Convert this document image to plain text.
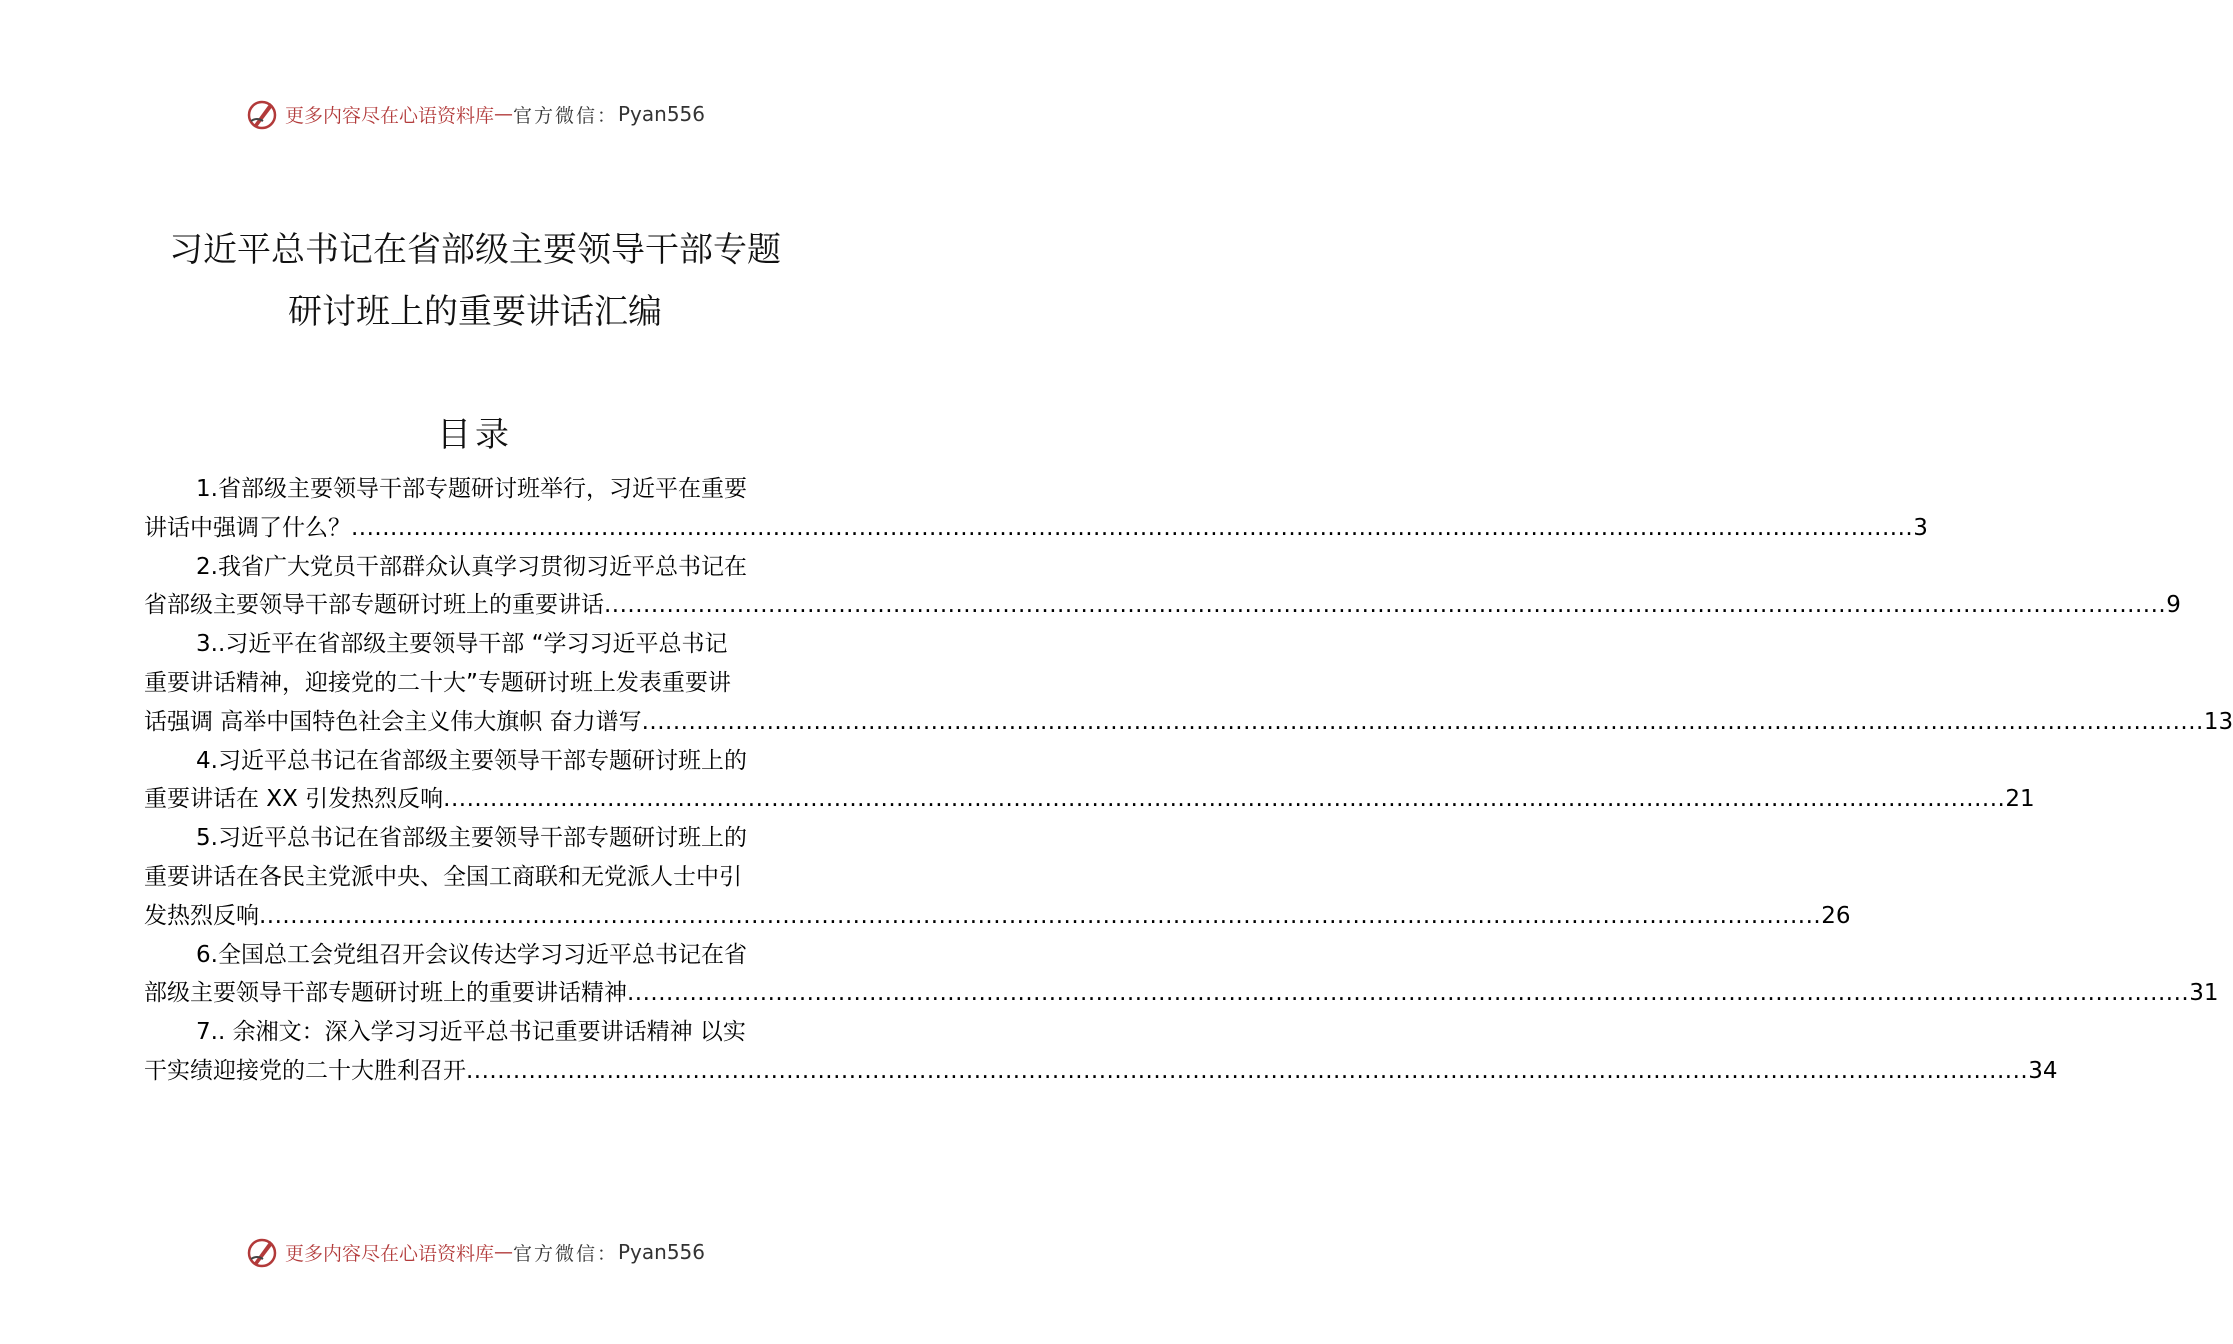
更多内容尽在心语资料库 — 官方微信： Pyan556
习近平总书记在省部级主要领导干部专题
研讨班上的重要讲话汇编
目录
1.省部级主要领导干部专题研讨班举行，习近平在重要
讲话中强调了什么？ ........................................................................................................................................................................................................ 3
2.我省广大党员干部群众认真学习贯彻习近平总书记在
省部级主要领导干部专题研讨班上的重要讲话 ........................................................................................................................................................................................................ 9
3..习近平在省部级主要领导干部 “学习习近平总书记
重要讲话精神，迎接党的二十大”专题研讨班上发表重要讲
话强调 高举中国特色社会主义伟大旗帜 奋力谱写 ........................................................................................................................................................................................................ 13
4.习近平总书记在省部级主要领导干部专题研讨班上的
重要讲话在 XX 引发热烈反响 ........................................................................................................................................................................................................ 21
5.习近平总书记在省部级主要领导干部专题研讨班上的
重要讲话在各民主党派中央、全国工商联和无党派人士中引
发热烈反响 ........................................................................................................................................................................................................ 26
6.全国总工会党组召开会议传达学习习近平总书记在省
部级主要领导干部专题研讨班上的重要讲话精神 ........................................................................................................................................................................................................ 31
7.. 余湘文：深入学习习近平总书记重要讲话精神 以实
干实绩迎接党的二十大胜利召开 ........................................................................................................................................................................................................ 34
更多内容尽在心语资料库 — 官方微信： Pyan556
